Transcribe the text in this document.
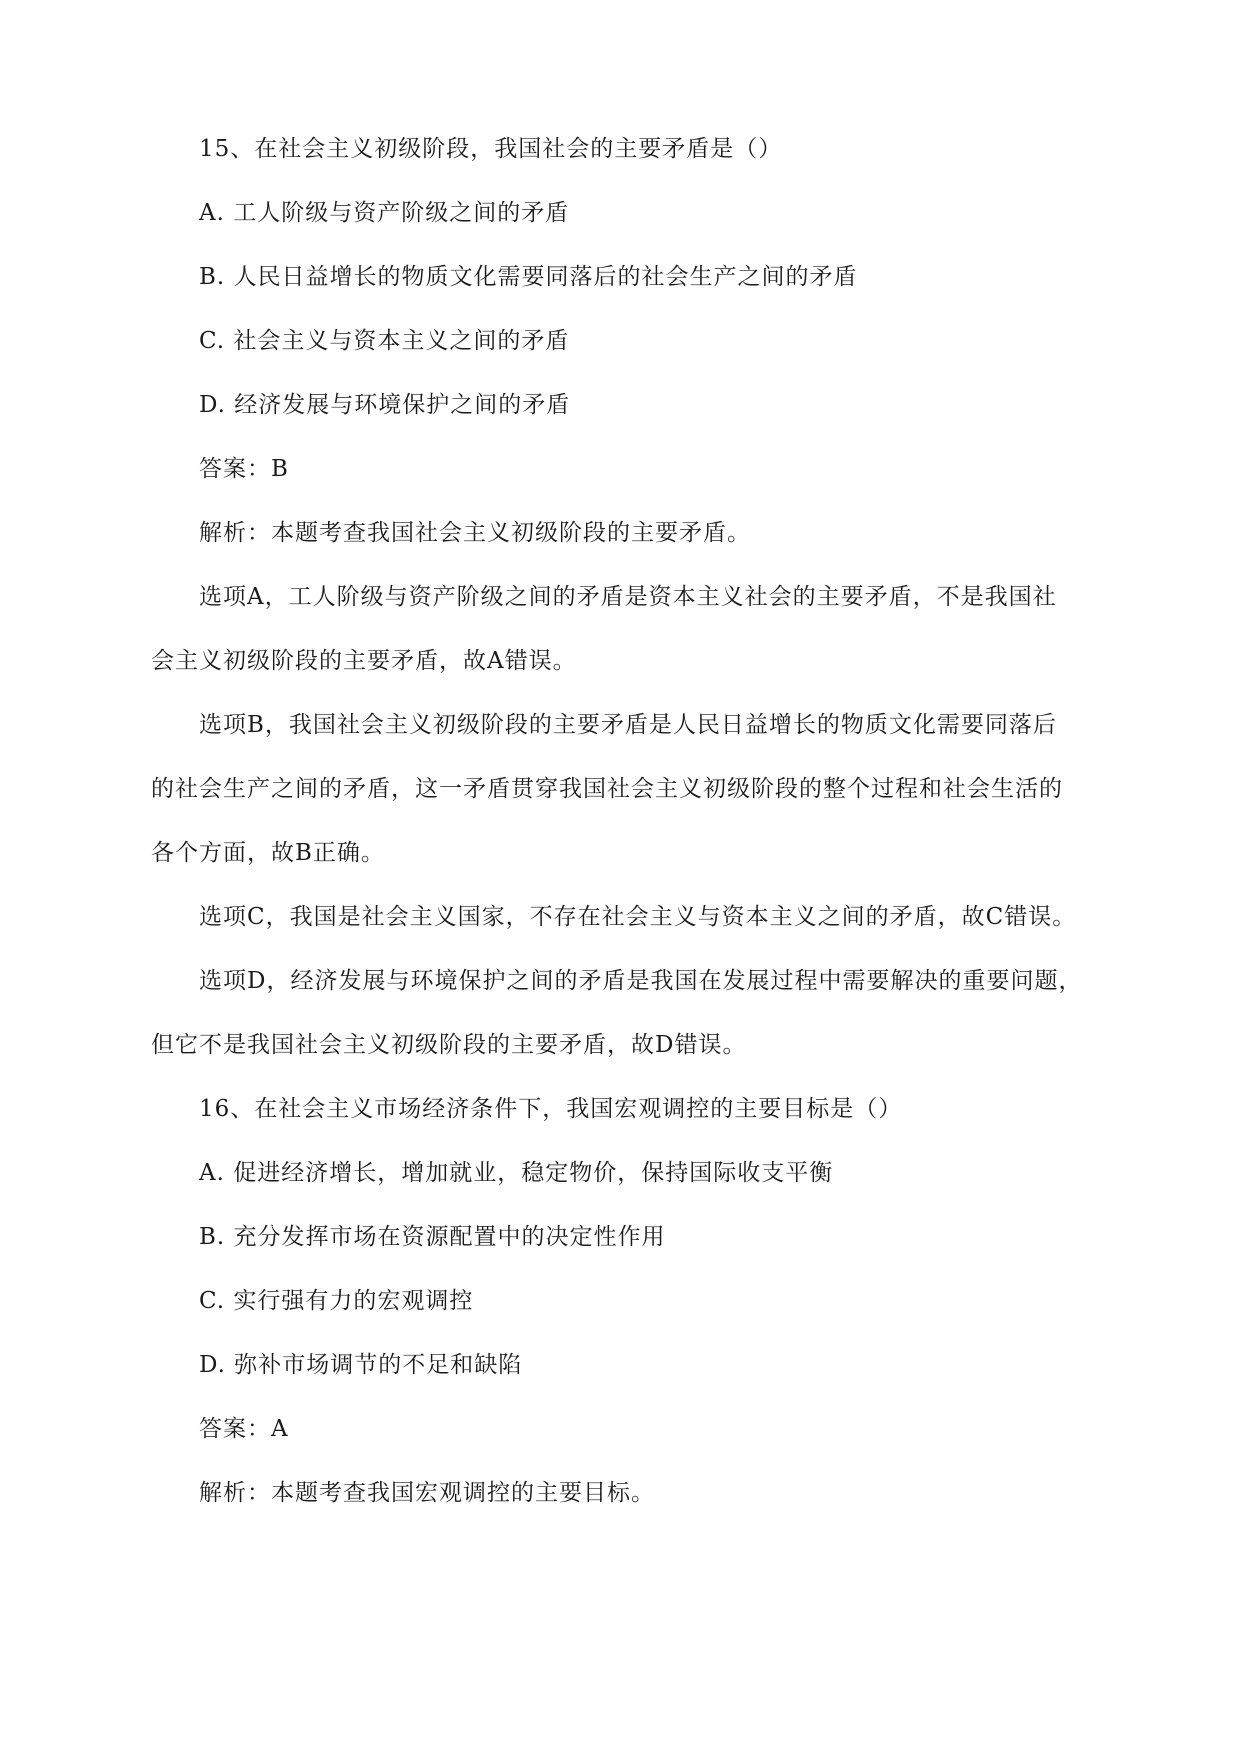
15、在社会主义初级阶段，我国社会的主要矛盾是（）
A. 工人阶级与资产阶级之间的矛盾
B. 人民日益增长的物质文化需要同落后的社会生产之间的矛盾
C. 社会主义与资本主义之间的矛盾
D. 经济发展与环境保护之间的矛盾
答案：B
解析：本题考查我国社会主义初级阶段的主要矛盾。
选项A，工人阶级与资产阶级之间的矛盾是资本主义社会的主要矛盾，不是我国社
会主义初级阶段的主要矛盾，故A错误。
选项B，我国社会主义初级阶段的主要矛盾是人民日益增长的物质文化需要同落后
的社会生产之间的矛盾，这一矛盾贯穿我国社会主义初级阶段的整个过程和社会生活的
各个方面，故B正确。
选项C，我国是社会主义国家，不存在社会主义与资本主义之间的矛盾，故C错误。
选项D，经济发展与环境保护之间的矛盾是我国在发展过程中需要解决的重要问题，
但它不是我国社会主义初级阶段的主要矛盾，故D错误。
16、在社会主义市场经济条件下，我国宏观调控的主要目标是（）
A. 促进经济增长，增加就业，稳定物价，保持国际收支平衡
B. 充分发挥市场在资源配置中的决定性作用
C. 实行强有力的宏观调控
D. 弥补市场调节的不足和缺陷
答案：A
解析：本题考查我国宏观调控的主要目标。
